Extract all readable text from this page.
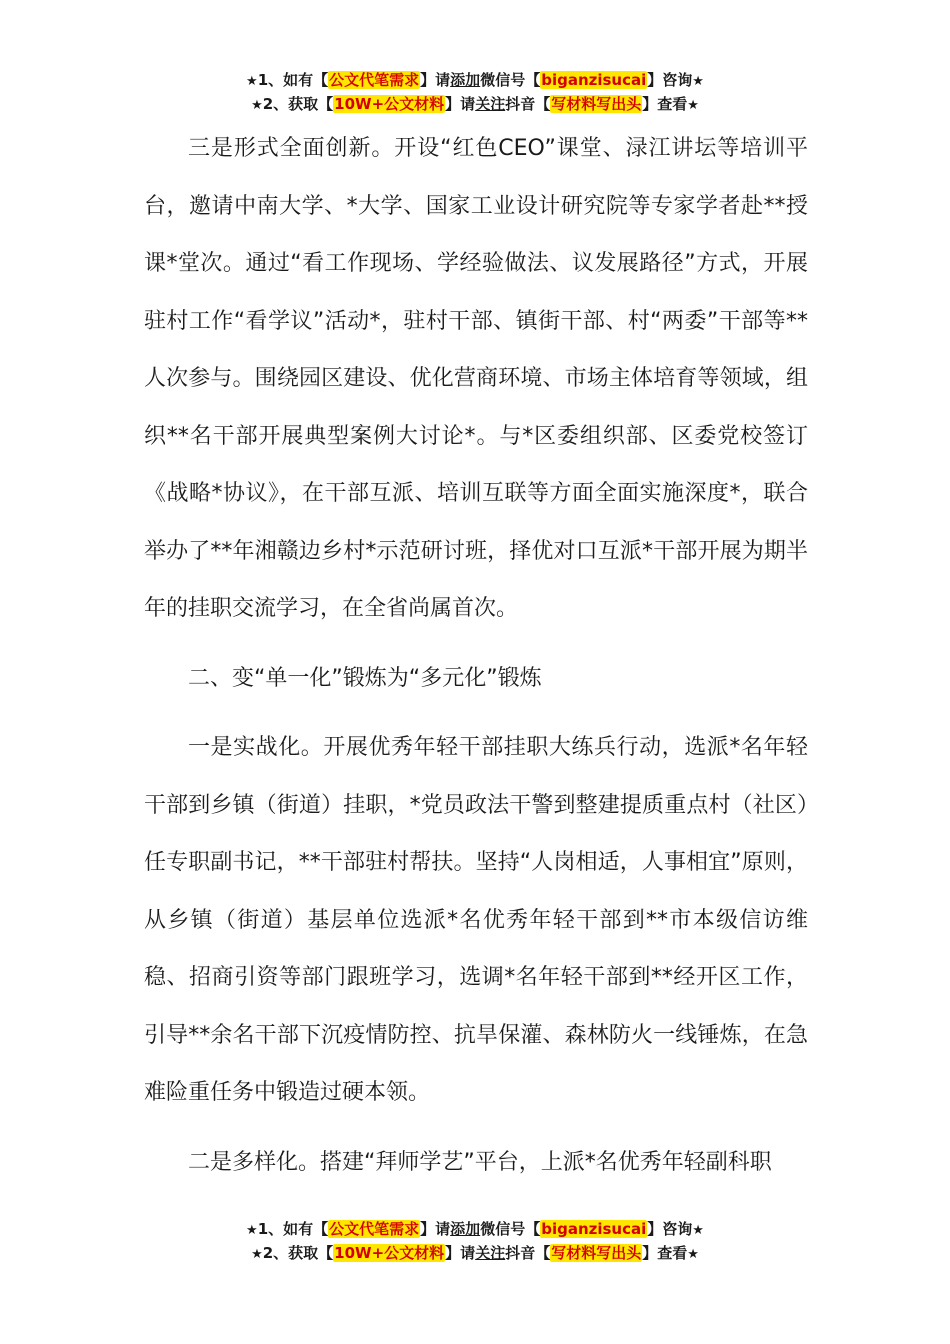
★1、如有【公文代笔需求】请添加微信号【biganzisucai】咨询★
★2、获取【10W+公文材料】请关注抖音【写材料写出头】查看★

三是形式全面创新。开设“红色CEO”课堂、渌江讲坛等培训平台，邀请中南大学、*大学、国家工业设计研究院等专家学者赴**授课*堂次。通过“看工作现场、学经验做法、议发展路径”方式，开展驻村工作“看学议”活动*，驻村干部、镇街干部、村“两委”干部等**人次参与。围绕园区建设、优化营商环境、市场主体培育等领域，组织**名干部开展典型案例大讨论*。与*区委组织部、区委党校签订《战略*协议》，在干部互派、培训互联等方面全面实施深度*，联合举办了**年湘赣边乡村*示范研讨班，择优对口互派*干部开展为期半年的挂职交流学习，在全省尚属首次。

二、变“单一化”锻炼为“多元化”锻炼

一是实战化。开展优秀年轻干部挂职大练兵行动，选派*名年轻干部到乡镇（街道）挂职，*党员政法干警到整建提质重点村（社区）任专职副书记，**干部驻村帮扶。坚持“人岗相适，人事相宜”原则，从乡镇（街道）基层单位选派*名优秀年轻干部到**市本级信访维稳、招商引资等部门跟班学习，选调*名年轻干部到**经开区工作，引导**余名干部下沉疫情防控、抗旱保灌、森林防火一线锤炼，在急难险重任务中锻造过硬本领。

二是多样化。搭建“拜师学艺”平台，上派*名优秀年轻副科职

★1、如有【公文代笔需求】请添加微信号【biganzisucai】咨询★
★2、获取【10W+公文材料】请关注抖音【写材料写出头】查看★
